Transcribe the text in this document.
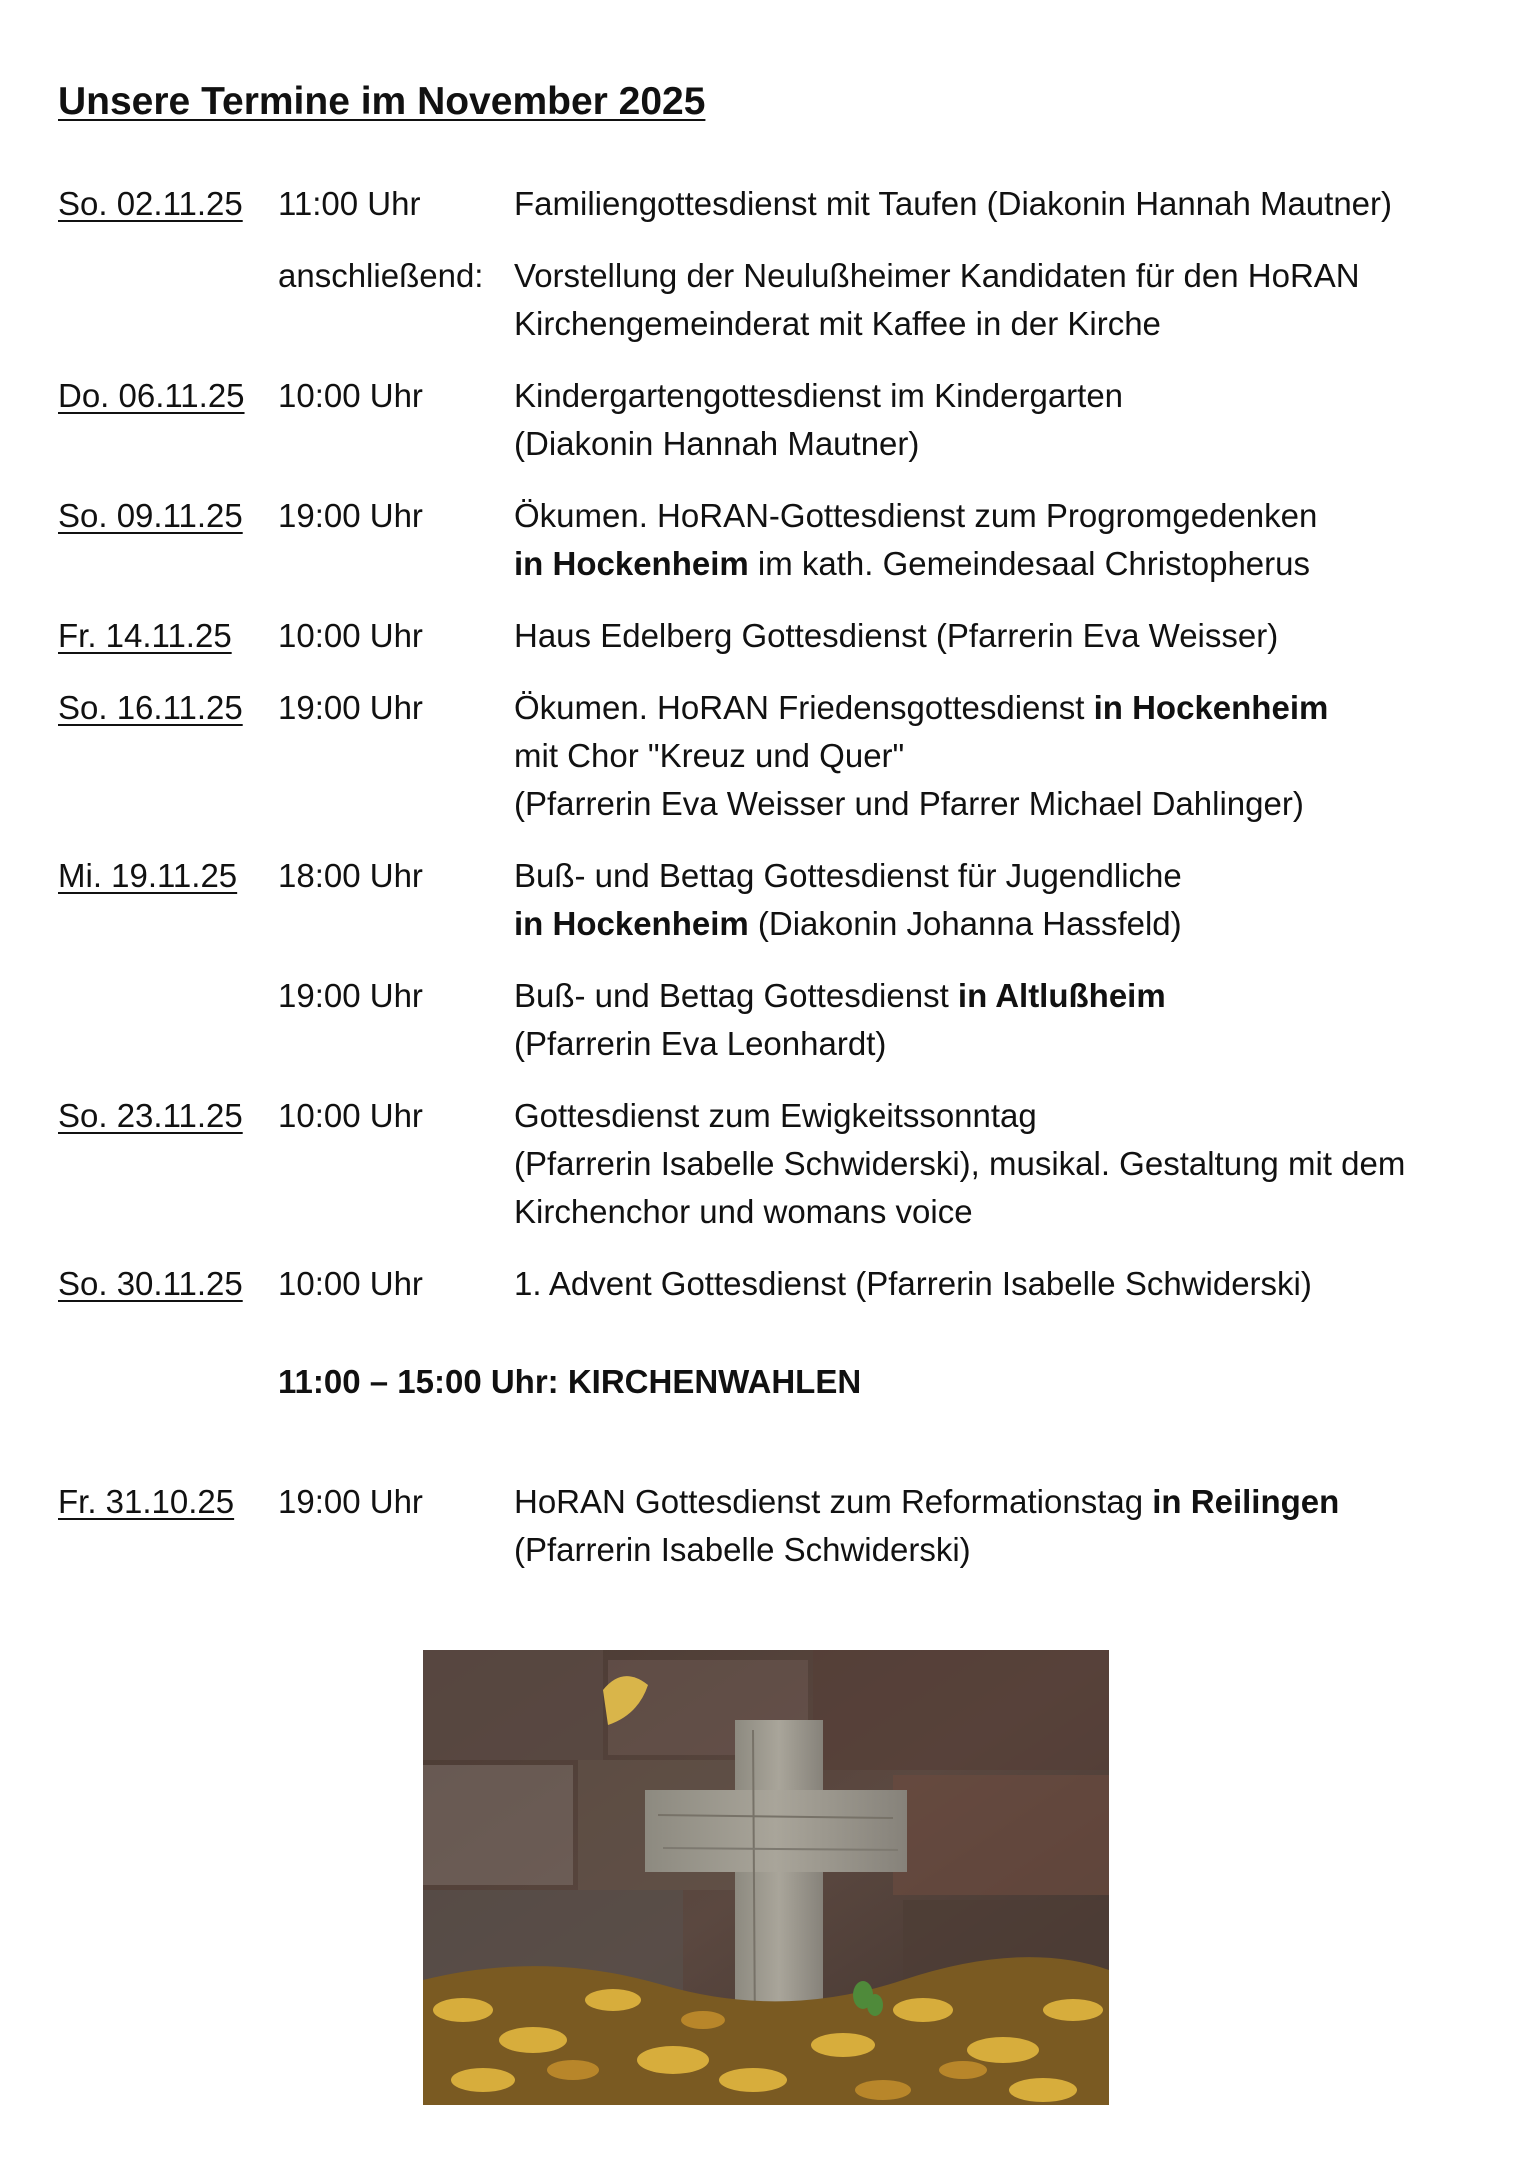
Unsere Termine im November 2025
So. 02.11.25	11:00 Uhr	Familiengottesdienst mit Taufen (Diakonin Hannah Mautner)
anschließend: Vorstellung der Neulußheimer Kandidaten für den HoRAN
Kirchengemeinderat mit Kaffee in der Kirche
Do. 06.11.25	10:00 Uhr	Kindergartengottesdienst im Kindergarten
(Diakonin Hannah Mautner)
So. 09.11.25	19:00 Uhr	Ökumen. HoRAN-Gottesdienst zum Progromgedenken
in Hockenheim im kath. Gemeindesaal Christopherus
Fr. 14.11.25	10:00 Uhr	Haus Edelberg Gottesdienst (Pfarrerin Eva Weisser)
So. 16.11.25	19:00 Uhr	Ökumen. HoRAN Friedensgottesdienst in Hockenheim
mit Chor "Kreuz und Quer"
(Pfarrerin Eva Weisser und Pfarrer Michael Dahlinger)
Mi. 19.11.25	18:00 Uhr	Buß- und Bettag Gottesdienst für Jugendliche
in Hockenheim (Diakonin Johanna Hassfeld)
19:00 Uhr	Buß- und Bettag Gottesdienst in Altlußheim
(Pfarrerin Eva Leonhardt)
So. 23.11.25	10:00 Uhr	Gottesdienst zum Ewigkeitssonntag
(Pfarrerin Isabelle Schwiderski), musikal. Gestaltung mit dem
Kirchenchor und womans voice
So. 30.11.25	10:00 Uhr	1. Advent Gottesdienst (Pfarrerin Isabelle Schwiderski)
11:00 – 15:00 Uhr: KIRCHENWAHLEN
Fr. 31.10.25	19:00 Uhr	HoRAN Gottesdienst zum Reformationstag in Reilingen
(Pfarrerin Isabelle Schwiderski)
